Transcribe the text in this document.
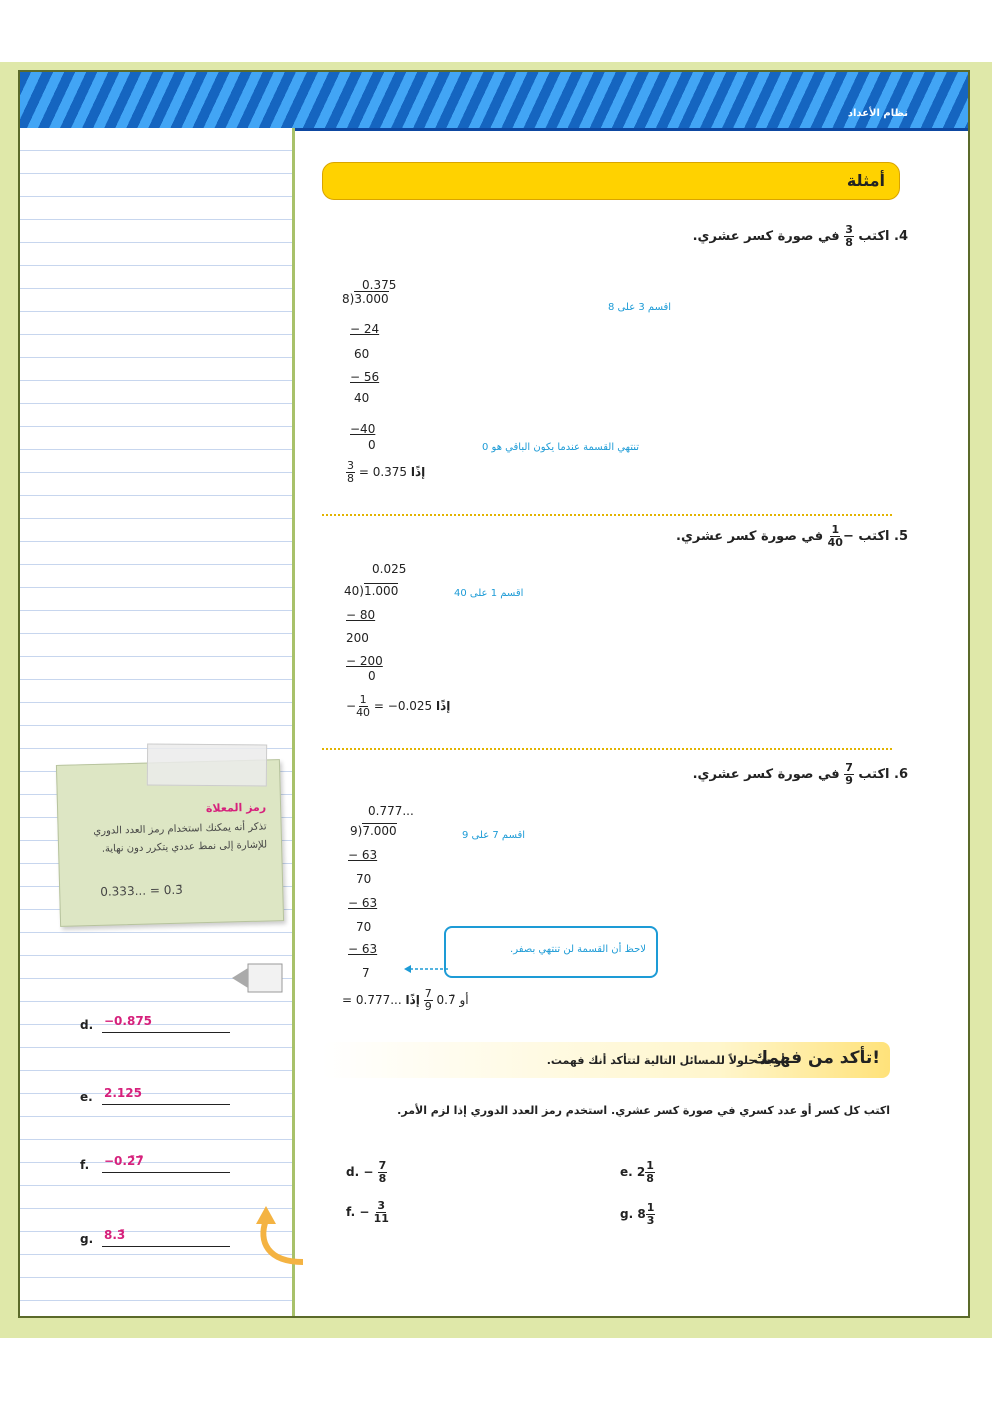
نظام الأعداد
أمثلة
4. اكتب
$\frac{3}{8}$
في صورة كسر عشري.
0.375
8)3.000
− 24
60
− 56
40
−40
0
اقسم 3 على 8
تنتهي القسمة عندما يكون الباقي هو 0
$\frac{3}{8} = 0.375$ إذًا
5. اكتب −
$\frac{1}{40}$
في صورة كسر عشري.
0.025
40)1.000
− 80
200
− 200
0
اقسم 1 على 40
− $\frac{1}{40} = -0.025$ إذًا
6. اكتب
$\frac{7}{9}$
في صورة كسر عشري.
0.777...
9)7.000
− 63
70
− 63
70
− 63
7
اقسم 7 على 9
لاحظ أن القسمة لن تنتهي بصفر.
= 0.777... أو 0.7̄
$\frac{7}{9}$
إذًا
رمز المعلاة
تذكر أنه يمكنك استخدام رمز العدد الدوري للإشارة إلى نمط عددي يتكرر دون نهاية.
0.333... = 0.3̄
d. −0.875
e. 2.125
f. −0.2̄7̄
g. 8.3̄
تأكد من فهمك!
أوجد حلولاً للمسائل التالية لتتأكد أنك فهمت.
اكتب كل كسر أو عدد كسري في صورة كسر عشري. استخدم رمز العدد الدوري إذا لزم الأمر.
d. − $\frac{7}{8}$	e. $2 \frac{1}{8}$
f. − $\frac{3}{11}$	g. $8 \frac{1}{3}$
